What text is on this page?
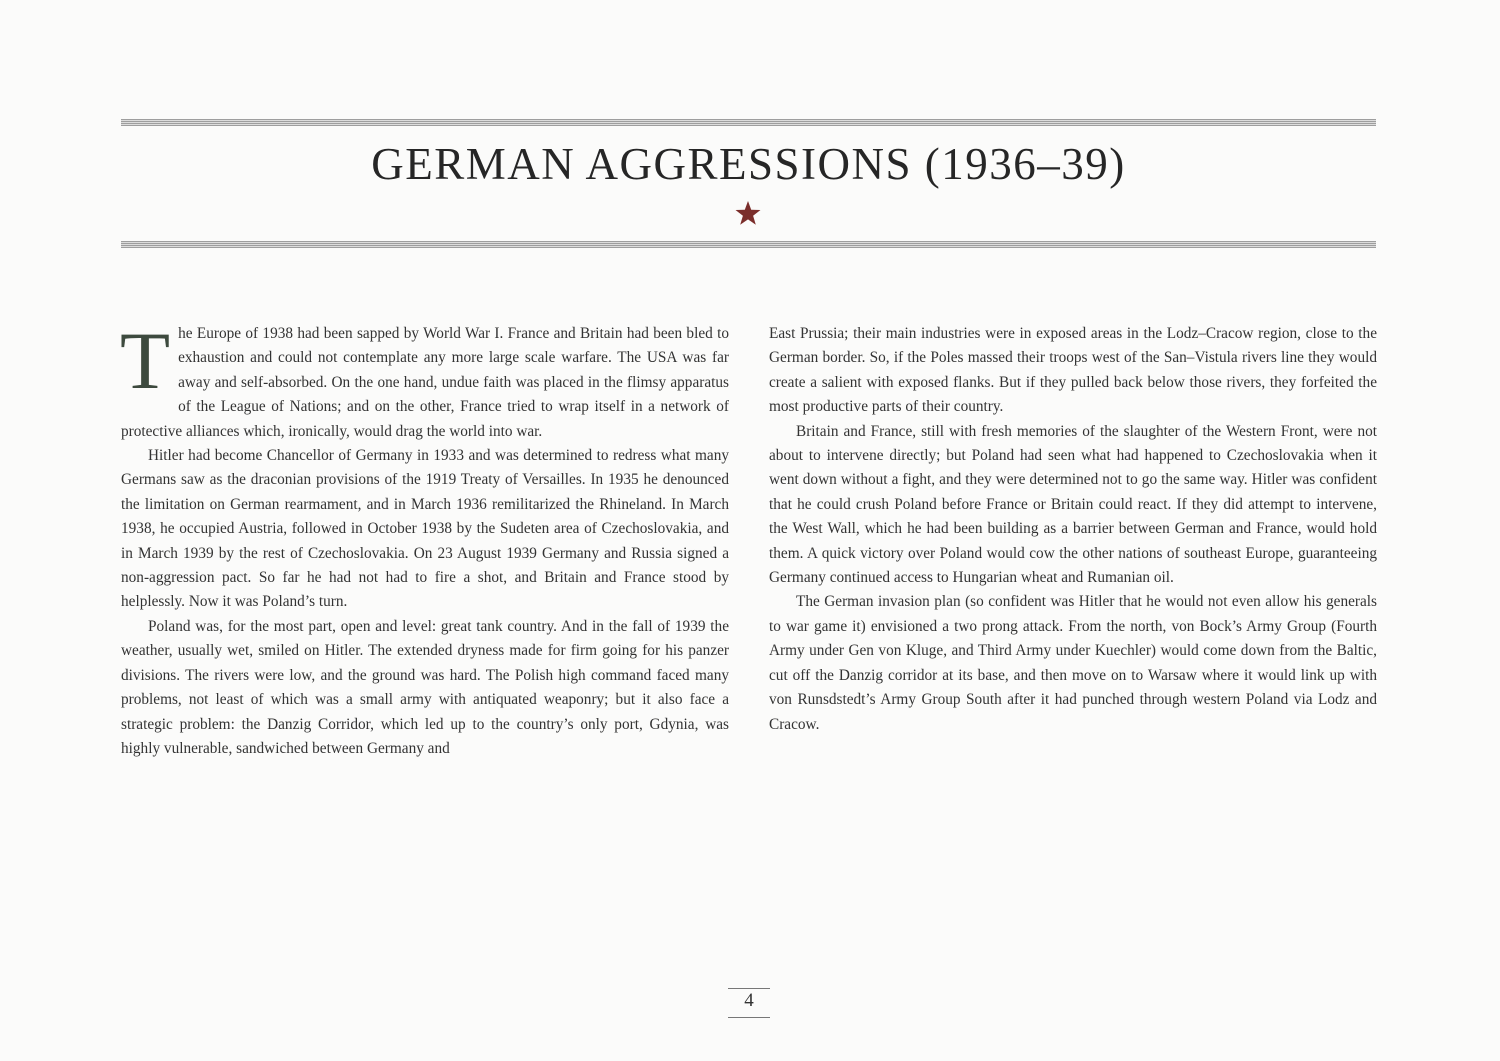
GERMAN AGGRESSIONS (1936–39)

The Europe of 1938 had been sapped by World War I. France and Britain had been bled to exhaustion and could not contemplate any more large scale warfare. The USA was far away and self-absorbed. On the one hand, undue faith was placed in the flimsy apparatus of the League of Nations; and on the other, France tried to wrap itself in a network of protective alliances which, ironically, would drag the world into war.

Hitler had become Chancellor of Germany in 1933 and was determined to redress what many Germans saw as the draconian provisions of the 1919 Treaty of Versailles. In 1935 he denounced the limitation on German rearmament, and in March 1936 remilitarized the Rhineland. In March 1938, he occupied Austria, followed in October 1938 by the Sudeten area of Czechoslovakia, and in March 1939 by the rest of Czechoslovakia. On 23 August 1939 Germany and Russia signed a non-aggression pact. So far he had not had to fire a shot, and Britain and France stood by helplessly. Now it was Poland’s turn.

Poland was, for the most part, open and level: great tank country. And in the fall of 1939 the weather, usually wet, smiled on Hitler. The extended dryness made for firm going for his panzer divisions. The rivers were low, and the ground was hard. The Polish high command faced many problems, not least of which was a small army with antiquated weaponry; but it also face a strategic problem: the Danzig Corridor, which led up to the country’s only port, Gdynia, was highly vulnerable, sandwiched between Germany and

East Prussia; their main industries were in exposed areas in the Lodz–Cracow region, close to the German border. So, if the Poles massed their troops west of the San–Vistula rivers line they would create a salient with exposed flanks. But if they pulled back below those rivers, they forfeited the most productive parts of their country.

Britain and France, still with fresh memories of the slaughter of the Western Front, were not about to intervene directly; but Poland had seen what had happened to Czechoslovakia when it went down without a fight, and they were determined not to go the same way. Hitler was confident that he could crush Poland before France or Britain could react. If they did attempt to intervene, the West Wall, which he had been building as a barrier between German and France, would hold them. A quick victory over Poland would cow the other nations of southeast Europe, guaranteeing Germany continued access to Hungarian wheat and Rumanian oil.

The German invasion plan (so confident was Hitler that he would not even allow his generals to war game it) envisioned a two prong attack. From the north, von Bock’s Army Group (Fourth Army under Gen von Kluge, and Third Army under Kuechler) would come down from the Baltic, cut off the Danzig corridor at its base, and then move on to Warsaw where it would link up with von Runsdstedt’s Army Group South after it had punched through western Poland via Lodz and Cracow.

4
